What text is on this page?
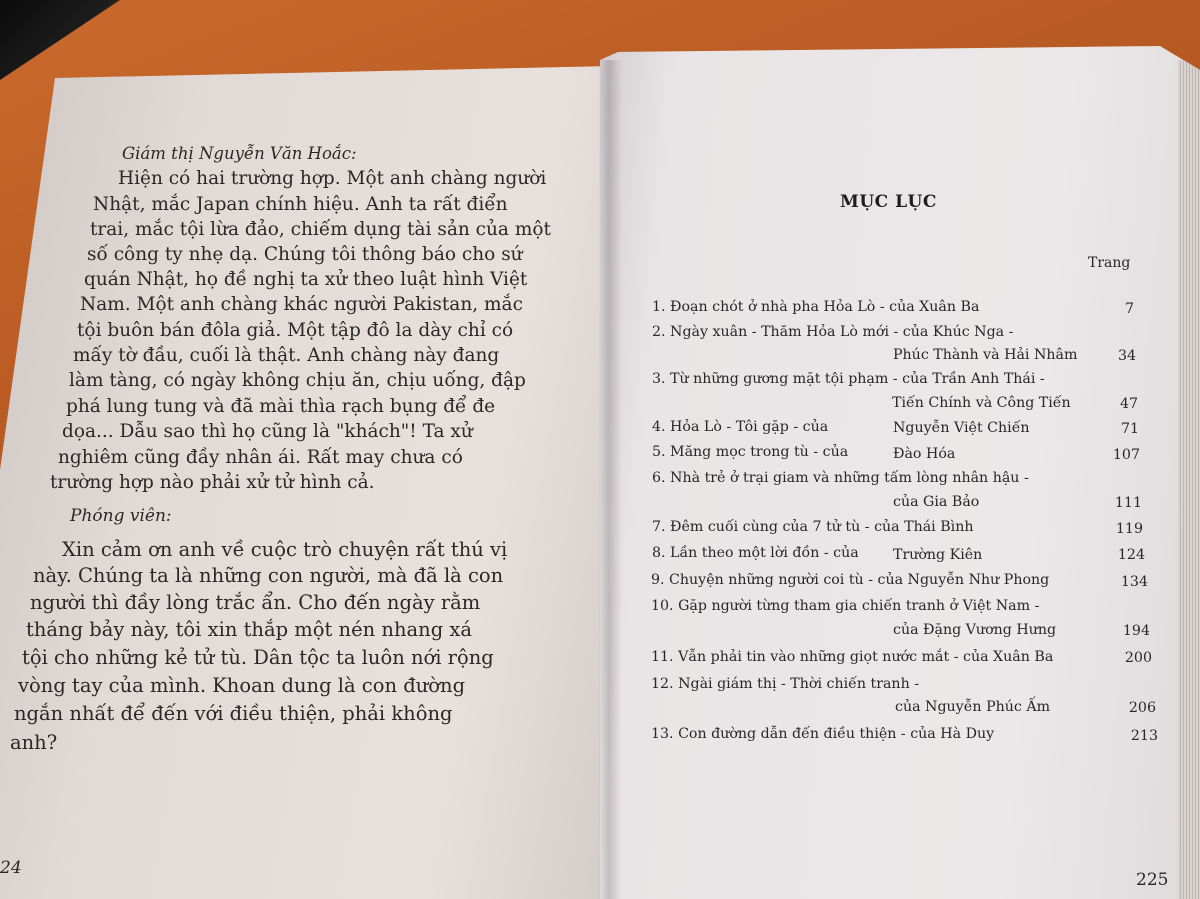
Giám thị Nguyễn Văn Hoắc:
Hiện có hai trường hợp. Một anh chàng người
Nhật, mắc Japan chính hiệu. Anh ta rất điển
trai, mắc tội lừa đảo, chiếm dụng tài sản của một
số công ty nhẹ dạ. Chúng tôi thông báo cho sứ
quán Nhật, họ đề nghị ta xử theo luật hình Việt
Nam. Một anh chàng khác người Pakistan, mắc
tội buôn bán đôla giả. Một tập đô la dày chỉ có
mấy tờ đầu, cuối là thật. Anh chàng này đang
làm tàng, có ngày không chịu ăn, chịu uống, đập
phá lung tung và đã mài thìa rạch bụng để đe
dọa... Dẫu sao thì họ cũng là "khách"! Ta xử
nghiêm cũng đầy nhân ái. Rất may chưa có
trường hợp nào phải xử tử hình cả.
Phóng viên:
Xin cảm ơn anh về cuộc trò chuyện rất thú vị
này. Chúng ta là những con người, mà đã là con
người thì đầy lòng trắc ẩn. Cho đến ngày rằm
tháng bảy này, tôi xin thắp một nén nhang xá
tội cho những kẻ tử tù. Dân tộc ta luôn nới rộng
vòng tay của mình. Khoan dung là con đường
ngắn nhất để đến với điều thiện, phải không
anh?
24
MỤC LỤC
Trang
1. Đoạn chót ở nhà pha Hỏa Lò - của Xuân Ba	7
2. Ngày xuân - Thăm Hỏa Lò mới - của Khúc Nga -
Phúc Thành và Hải Nhâm	34
3. Từ những gương mặt tội phạm - của Trần Anh Thái -
Tiến Chính và Công Tiến	47
4. Hỏa Lò - Tôi gặp - của	Nguyễn Việt Chiến	71
5. Măng mọc trong tù - của	Đào Hóa	107
6. Nhà trẻ ở trại giam và những tấm lòng nhân hậu -
của Gia Bảo	111
7. Đêm cuối cùng của 7 tử tù - của Thái Bình	119
8. Lần theo một lời đồn - của Trường Kiên	124
9. Chuyện những người coi tù - của Nguyễn Như Phong	134
10. Gặp người từng tham gia chiến tranh ở Việt Nam -
của Đặng Vương Hưng	194
11. Vẫn phải tin vào những giọt nước mắt - của Xuân Ba	200
12. Ngài giám thị - Thời chiến tranh -
của Nguyễn Phúc Ấm	206
13. Con đường dẫn đến điều thiện - của Hà Duy	213
225
